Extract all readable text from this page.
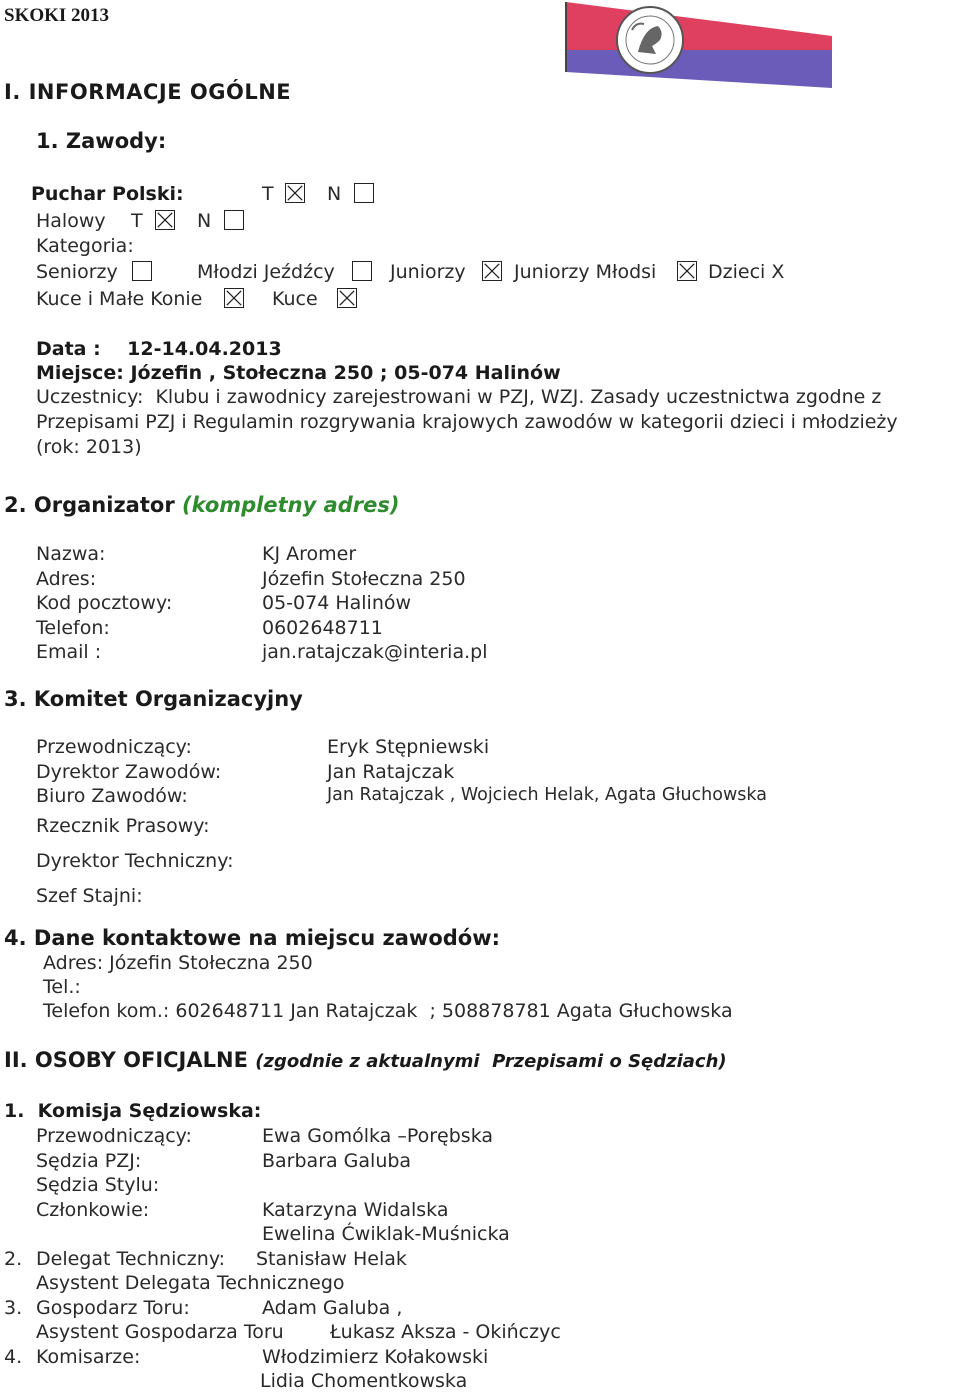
SKOKI 2013
I. INFORMACJE OGÓLNE
1. Zawody:
Puchar Polski:	T	N
Halowy T	N
Kategoria:
Seniorzy	Młodzi Jeźdźcy	Juniorzy	Juniorzy Młodsi	Dzieci X
Kuce i Małe Konie	Kuce
Data :    12-14.04.2013
Miejsce: Józefin , Stołeczna 250 ; 05-074 Halinów
Uczestnicy:  Klubu i zawodnicy zarejestrowani w PZJ, WZJ. Zasady uczestnictwa zgodne z
Przepisami PZJ i Regulamin rozgrywania krajowych zawodów w kategorii dzieci i młodzieży
(rok: 2013)
2. Organizator (kompletny adres)
Nazwa:	KJ Aromer
Adres:	Józefin Stołeczna 250
Kod pocztowy:	05-074 Halinów
Telefon:	0602648711
Email :	jan.ratajczak@interia.pl
3. Komitet Organizacyjny
Przewodniczący:	Eryk Stępniewski
Dyrektor Zawodów:	Jan Ratajczak
Biuro Zawodów:	Jan Ratajczak , Wojciech Helak, Agata Głuchowska
Rzecznik Prasowy:
Dyrektor Techniczny:
Szef Stajni:
4. Dane kontaktowe na miejscu zawodów:
Adres: Józefin Stołeczna 250
Tel.:
Telefon kom.: 602648711 Jan Ratajczak  ; 508878781 Agata Głuchowska
II. OSOBY OFICJALNE (zgodnie z aktualnymi  Przepisami o Sędziach)
1.  Komisja Sędziowska:
Przewodniczący:	Ewa Gomólka –Porębska
Sędzia PZJ:	Barbara Galuba
Sędzia Stylu:
Członkowie:	Katarzyna Widalska
Ewelina Ćwiklak-Muśnicka
2. Delegat Techniczny: Stanisław Helak
Asystent Delegata Technicznego
3. Gospodarz Toru:	Adam Galuba ,
Asystent Gospodarza Toru Łukasz Aksza - Okińczyc
4. Komisarze:	Włodzimierz Kołakowski
Lidia Chomentkowska
